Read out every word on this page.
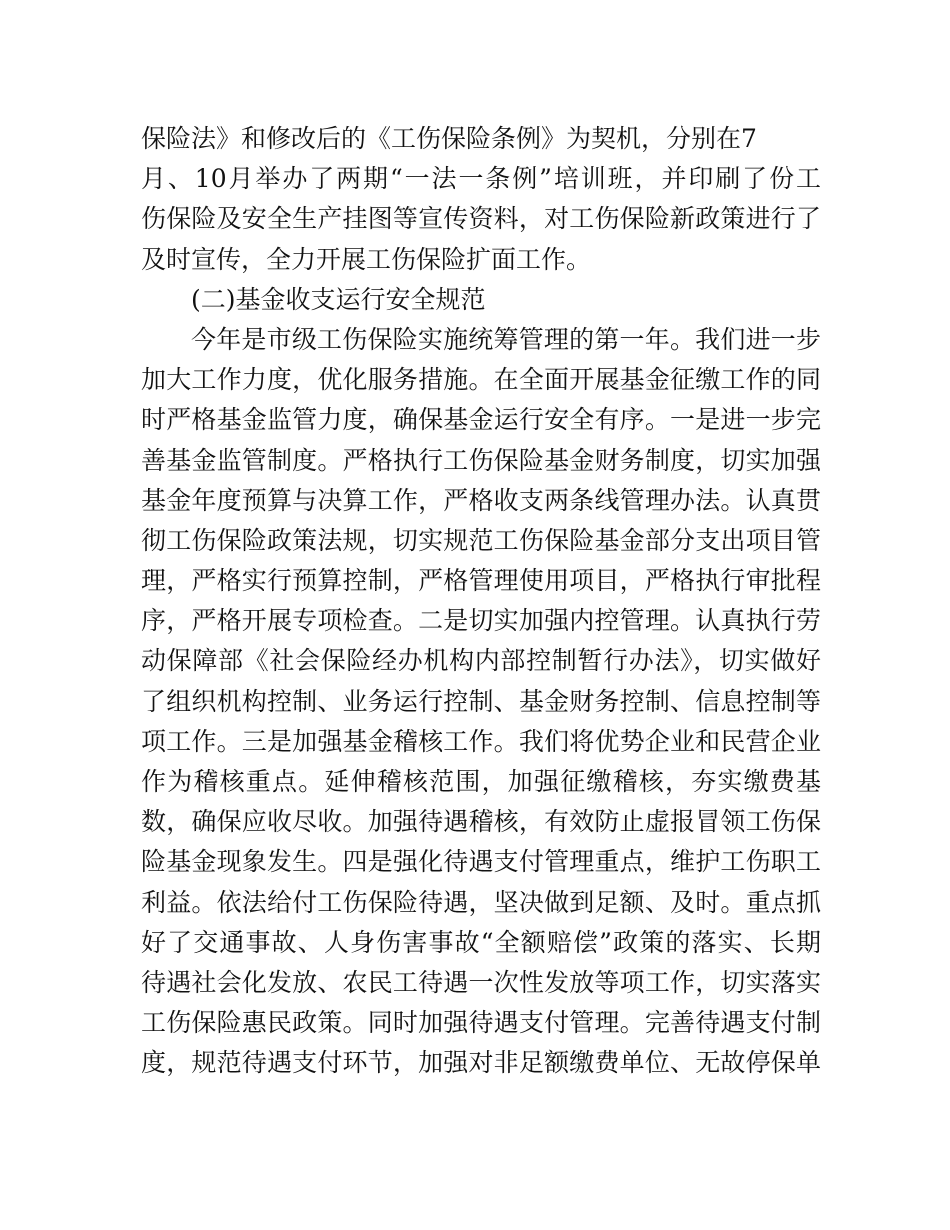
保险法》和修改后的《工伤保险条例》为契机，分别在7
月、10月举办了两期“一法一条例”培训班，并印刷了份工
伤保险及安全生产挂图等宣传资料，对工伤保险新政策进行了
及时宣传，全力开展工伤保险扩面工作。
(二)基金收支运行安全规范
今年是市级工伤保险实施统筹管理的第一年。我们进一步
加大工作力度，优化服务措施。在全面开展基金征缴工作的同
时严格基金监管力度，确保基金运行安全有序。一是进一步完
善基金监管制度。严格执行工伤保险基金财务制度，切实加强
基金年度预算与决算工作，严格收支两条线管理办法。认真贯
彻工伤保险政策法规，切实规范工伤保险基金部分支出项目管
理，严格实行预算控制，严格管理使用项目，严格执行审批程
序，严格开展专项检查。二是切实加强内控管理。认真执行劳
动保障部《社会保险经办机构内部控制暂行办法》，切实做好
了组织机构控制、业务运行控制、基金财务控制、信息控制等
项工作。三是加强基金稽核工作。我们将优势企业和民营企业
作为稽核重点。延伸稽核范围，加强征缴稽核，夯实缴费基
数，确保应收尽收。加强待遇稽核，有效防止虚报冒领工伤保
险基金现象发生。四是强化待遇支付管理重点，维护工伤职工
利益。依法给付工伤保险待遇，坚决做到足额、及时。重点抓
好了交通事故、人身伤害事故“全额赔偿”政策的落实、长期
待遇社会化发放、农民工待遇一次性发放等项工作，切实落实
工伤保险惠民政策。同时加强待遇支付管理。完善待遇支付制
度，规范待遇支付环节，加强对非足额缴费单位、无故停保单
